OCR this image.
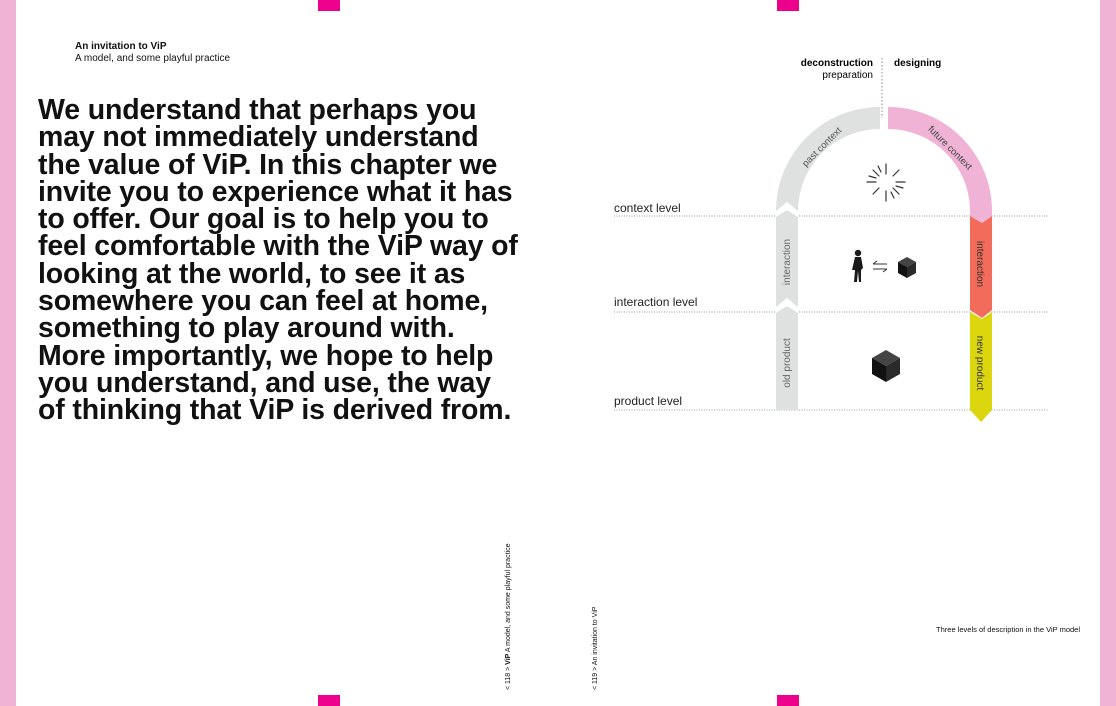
An invitation to ViP
A model, and some playful practice

We understand that perhaps you may not immediately understand the value of ViP. In this chapter we invite you to experience what it has to offer. Our goal is to help you to feel comfortable with the ViP way of looking at the world, to see it as somewhere you can feel at home, something to play around with. More importantly, we hope to help you understand, and use, the way of thinking that ViP is derived from.

< 118 > ViP A model, and some playful practice	< 119 > An invitation to ViP
deconstruction
preparation
designing
context level
interaction level
product level
interaction
old product
interaction
new product
past context	future context
Three levels of description in the ViP model
